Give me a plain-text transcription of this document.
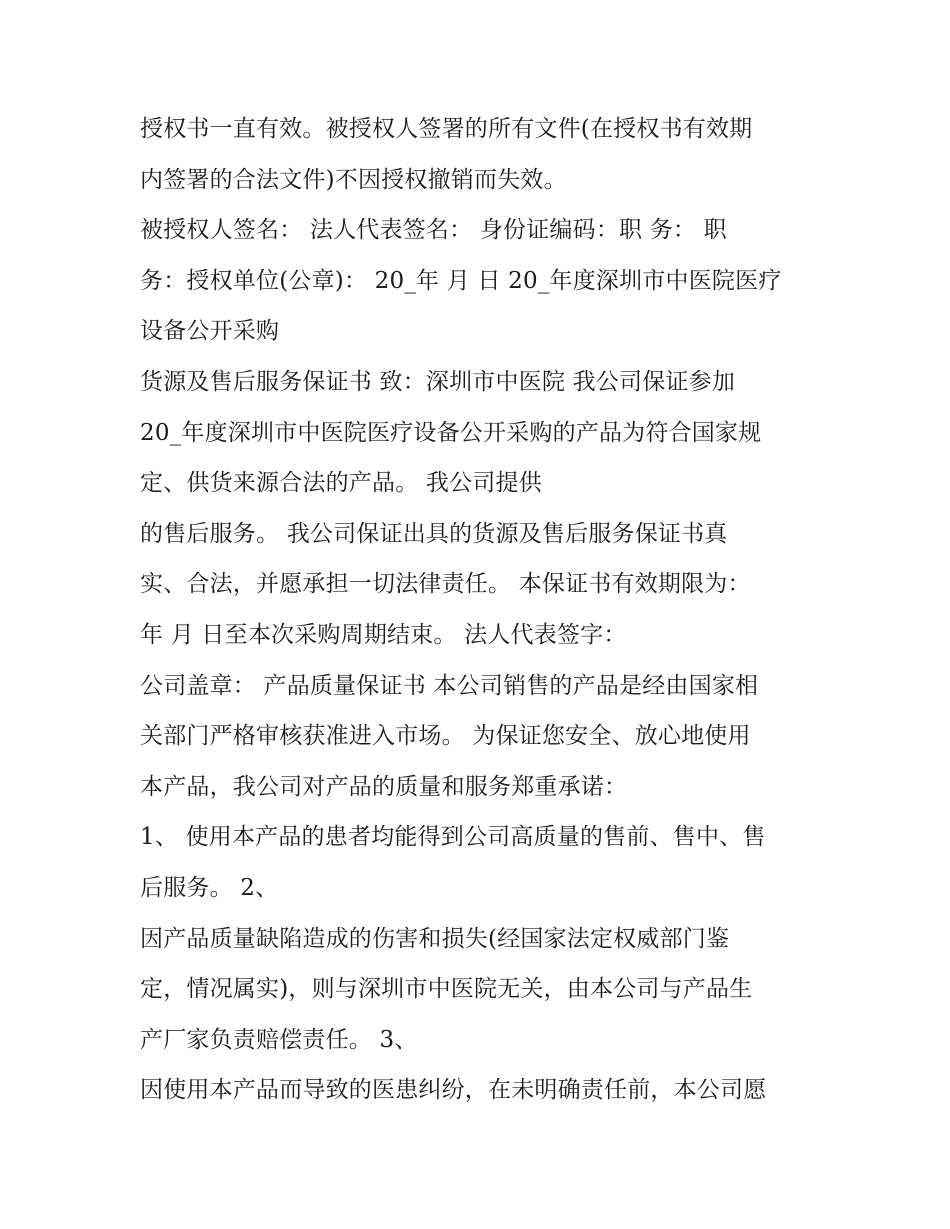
授权书一直有效。被授权人签署的所有文件(在授权书有效期
内签署的合法文件)不因授权撤销而失效。
被授权人签名： 法人代表签名： 身份证编码：职 务： 职
务：授权单位(公章)： 20_年 月 日 20_年度深圳市中医院医疗
设备公开采购
货源及售后服务保证书 致：深圳市中医院 我公司保证参加
20_年度深圳市中医院医疗设备公开采购的产品为符合国家规
定、供货来源合法的产品。 我公司提供
的售后服务。 我公司保证出具的货源及售后服务保证书真
实、合法，并愿承担一切法律责任。 本保证书有效期限为：
年 月 日至本次采购周期结束。 法人代表签字：
公司盖章： 产品质量保证书 本公司销售的产品是经由国家相
关部门严格审核获准进入市场。 为保证您安全、放心地使用
本产品，我公司对产品的质量和服务郑重承诺：
1、 使用本产品的患者均能得到公司高质量的售前、售中、售
后服务。 2、
因产品质量缺陷造成的伤害和损失(经国家法定权威部门鉴
定，情况属实)，则与深圳市中医院无关，由本公司与产品生
产厂家负责赔偿责任。 3、
因使用本产品而导致的医患纠纷，在未明确责任前，本公司愿
